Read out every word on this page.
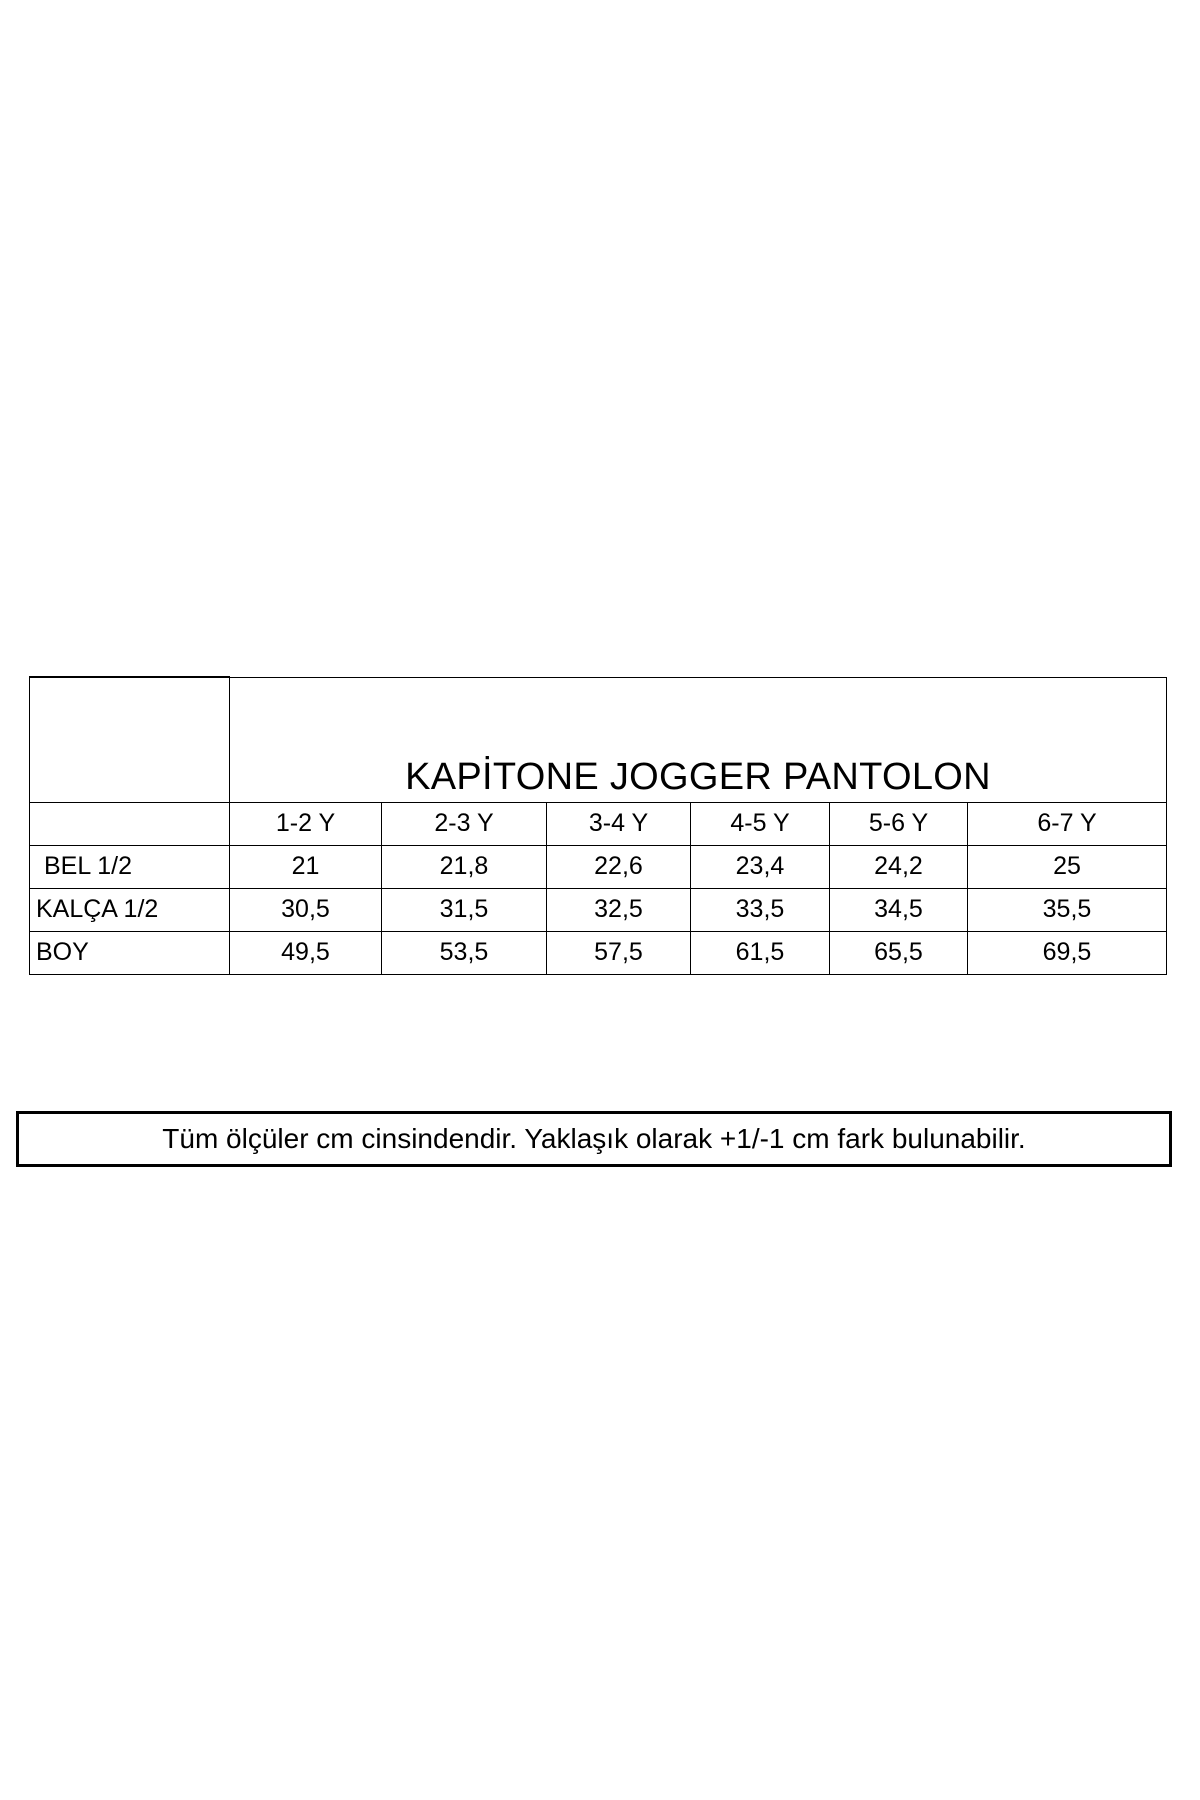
	KAPİTONE JOGGER PANTOLON					
	1-2 Y	2-3 Y	3-4 Y	4-5 Y	5-6 Y	6-7 Y
BEL 1/2	21	21,8	22,6	23,4	24,2	25
KALÇA 1/2	30,5	31,5	32,5	33,5	34,5	35,5
BOY	49,5	53,5	57,5	61,5	65,5	69,5
Tüm ölçüler cm cinsindendir. Yaklaşık olarak +1/-1 cm fark bulunabilir.
